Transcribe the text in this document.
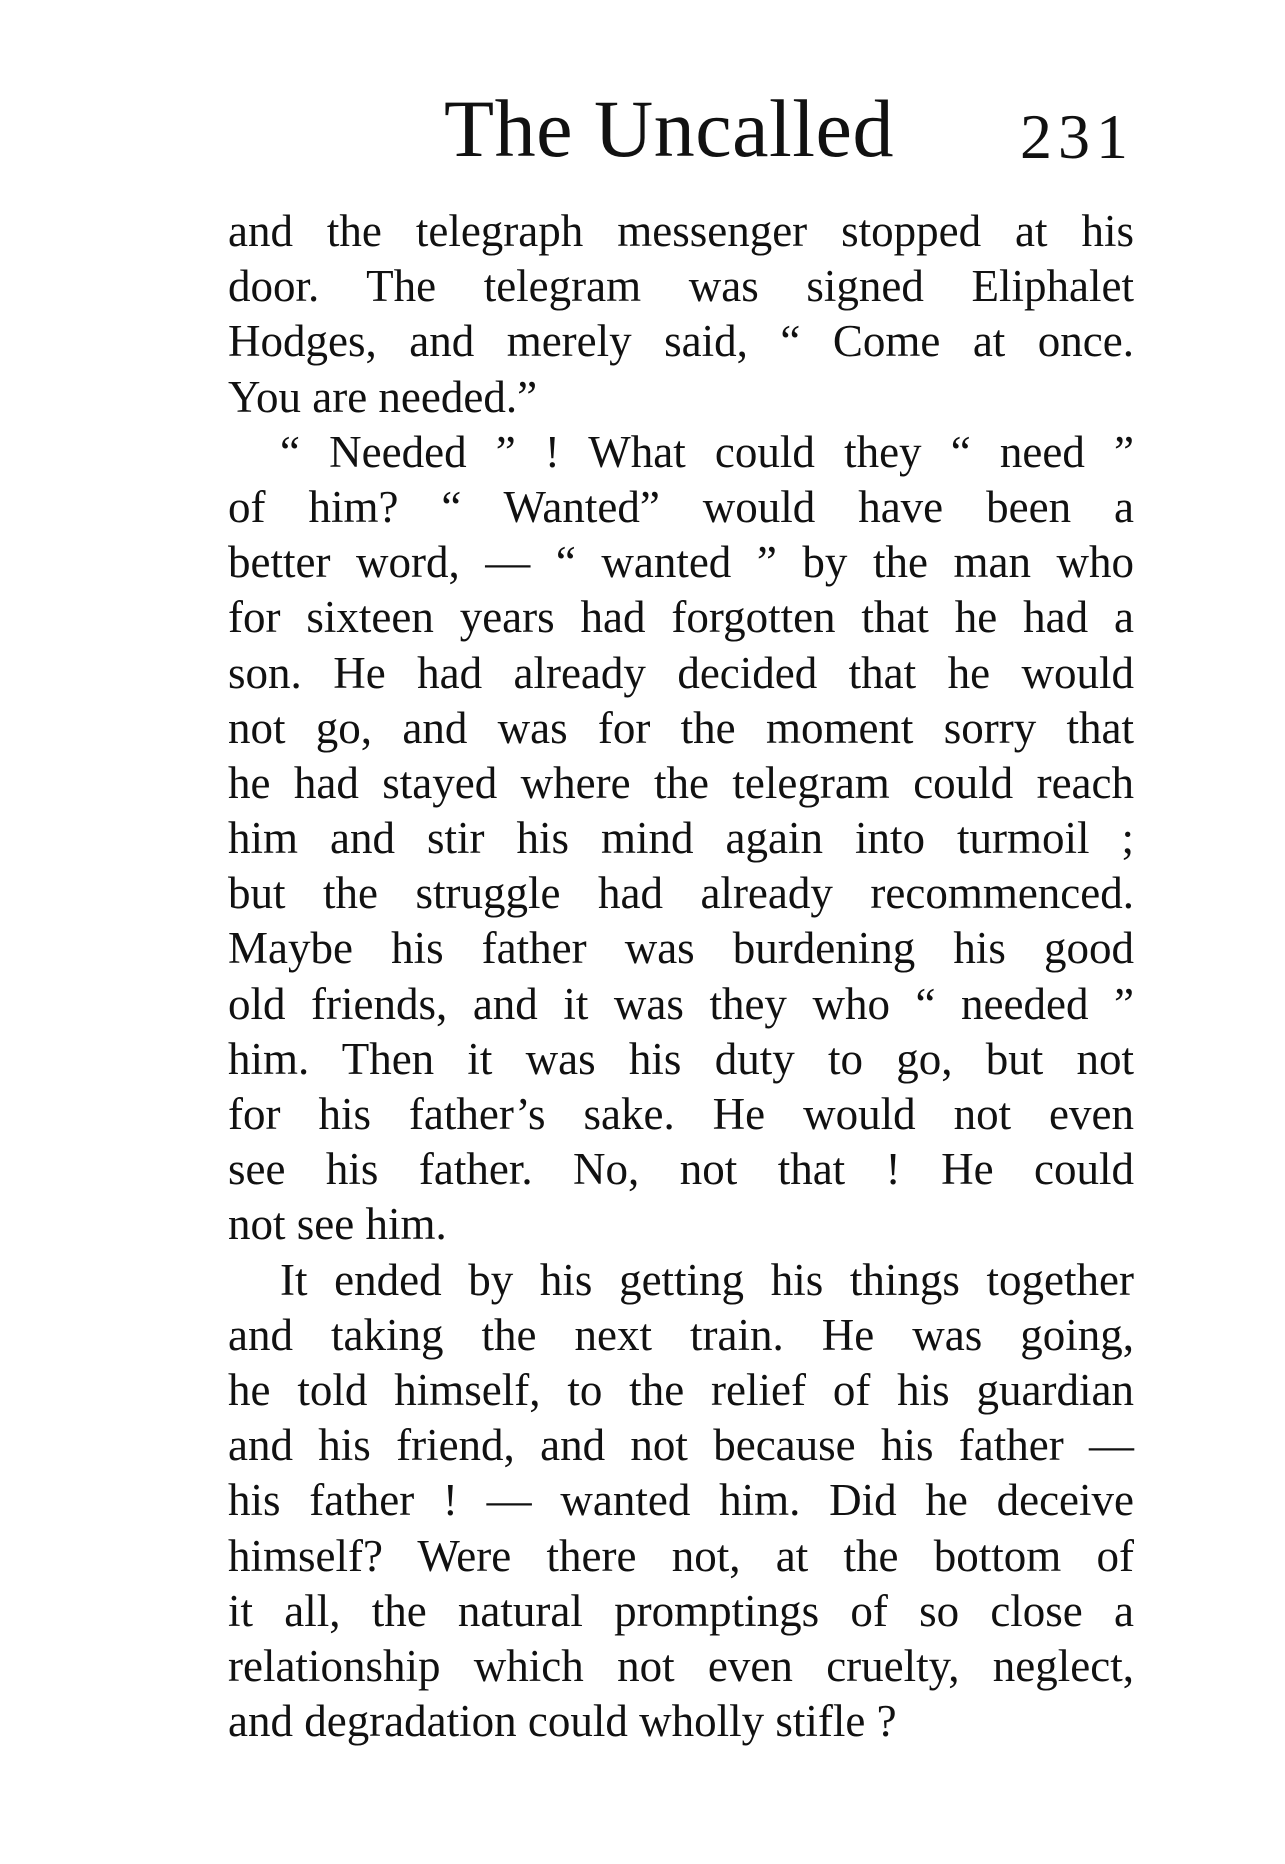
The Uncalled 231
and the telegraph messenger stopped at his
door. The telegram was signed Eliphalet
Hodges, and merely said, “ Come at once.
You are needed.”
“ Needed ” ! What could they “ need ”
of him? “ Wanted” would have been a
better word, — “ wanted ” by the man who
for sixteen years had forgotten that he had a
son. He had already decided that he would
not go, and was for the moment sorry that
he had stayed where the telegram could reach
him and stir his mind again into turmoil ;
but the struggle had already recommenced.
Maybe his father was burdening his good
old friends, and it was they who “ needed ”
him. Then it was his duty to go, but not
for his father’s sake. He would not even
see his father. No, not that ! He could
not see him.
It ended by his getting his things together
and taking the next train. He was going,
he told himself, to the relief of his guardian
and his friend, and not because his father —
his father ! — wanted him. Did he deceive
himself? Were there not, at the bottom of
it all, the natural promptings of so close a
relationship which not even cruelty, neglect,
and degradation could wholly stifle ?
